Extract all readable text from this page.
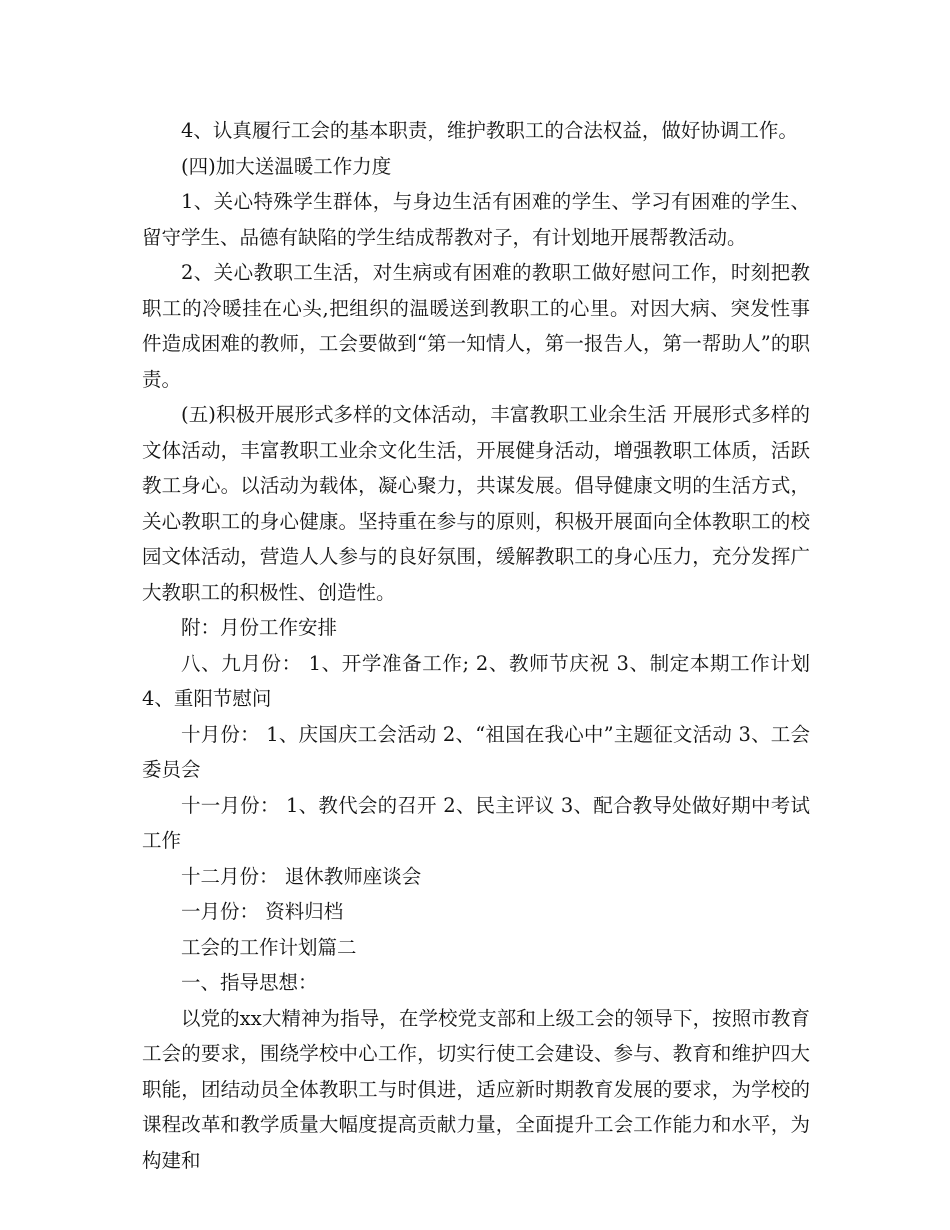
4、认真履行工会的基本职责，维护教职工的合法权益，做好协调工作。

(四)加大送温暖工作力度

1、关心特殊学生群体，与身边生活有困难的学生、学习有困难的学生、留守学生、品德有缺陷的学生结成帮教对子，有计划地开展帮教活动。

2、关心教职工生活，对生病或有困难的教职工做好慰问工作，时刻把教职工的冷暖挂在心头,把组织的温暖送到教职工的心里。对因大病、突发性事件造成困难的教师，工会要做到“第一知情人，第一报告人，第一帮助人”的职责。

(五)积极开展形式多样的文体活动，丰富教职工业余生活 开展形式多样的文体活动，丰富教职工业余文化生活，开展健身活动，增强教职工体质，活跃教工身心。以活动为载体，凝心聚力，共谋发展。倡导健康文明的生活方式，关心教职工的身心健康。坚持重在参与的原则，积极开展面向全体教职工的校园文体活动，营造人人参与的良好氛围，缓解教职工的身心压力，充分发挥广大教职工的积极性、创造性。

附：月份工作安排

八、九月份： 1、开学准备工作; 2、教师节庆祝 3、制定本期工作计划 4、重阳节慰问

十月份： 1、庆国庆工会活动 2、“祖国在我心中”主题征文活动 3、工会委员会

十一月份： 1、教代会的召开 2、民主评议 3、配合教导处做好期中考试工作

十二月份： 退休教师座谈会

一月份： 资料归档

工会的工作计划篇二

一、指导思想：

以党的xx大精神为指导，在学校党支部和上级工会的领导下，按照市教育工会的要求，围绕学校中心工作，切实行使工会建设、参与、教育和维护四大职能，团结动员全体教职工与时俱进，适应新时期教育发展的要求，为学校的课程改革和教学质量大幅度提高贡献力量，全面提升工会工作能力和水平，为构建和
